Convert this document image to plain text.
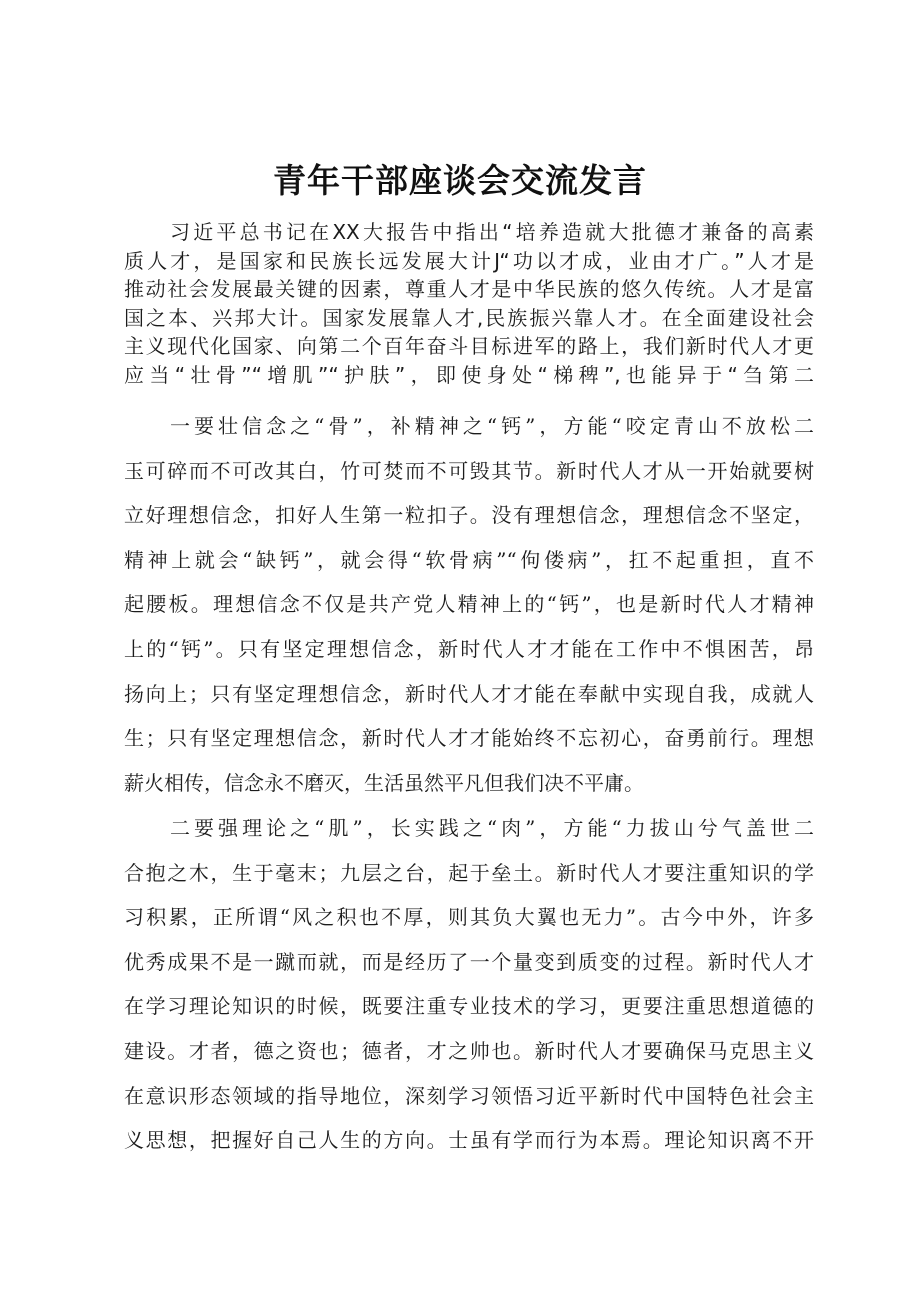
青年干部座谈会交流发言
习近平总书记在XX大报告中指出“培养造就大批德才兼备的高素
质人才，是国家和民族长远发展大计J“功以才成，业由才广。”人才是
推动社会发展最关键的因素，尊重人才是中华民族的悠久传统。人才是富
国之本、兴邦大计。国家发展靠人才,民族振兴靠人才。在全面建设社会
主义现代化国家、向第二个百年奋斗目标进军的路上，我们新时代人才更
应当“壮骨”“增肌”“护肤”，即使身处“梯稗”,也能异于“刍第二
一要壮信念之“骨”，补精神之“钙”，方能“咬定青山不放松二
玉可碎而不可改其白，竹可焚而不可毁其节。新时代人才从一开始就要树
立好理想信念，扣好人生第一粒扣子。没有理想信念，理想信念不坚定，
精神上就会“缺钙”，就会得“软骨病”“佝偻病”，扛不起重担，直不
起腰板。理想信念不仅是共产党人精神上的“钙”，也是新时代人才精神
上的“钙”。只有坚定理想信念，新时代人才才能在工作中不惧困苦，昂
扬向上；只有坚定理想信念，新时代人才才能在奉献中实现自我，成就人
生；只有坚定理想信念，新时代人才才能始终不忘初心，奋勇前行。理想
薪火相传，信念永不磨灭，生活虽然平凡但我们决不平庸。
二要强理论之“肌”，长实践之“肉”，方能“力拔山兮气盖世二
合抱之木，生于毫末；九层之台，起于垒土。新时代人才要注重知识的学
习积累，正所谓“风之积也不厚，则其负大翼也无力”。古今中外，许多
优秀成果不是一蹴而就，而是经历了一个量变到质变的过程。新时代人才
在学习理论知识的时候，既要注重专业技术的学习，更要注重思想道德的
建设。才者，德之资也；德者，才之帅也。新时代人才要确保马克思主义
在意识形态领域的指导地位，深刻学习领悟习近平新时代中国特色社会主
义思想，把握好自己人生的方向。士虽有学而行为本焉。理论知识离不开
